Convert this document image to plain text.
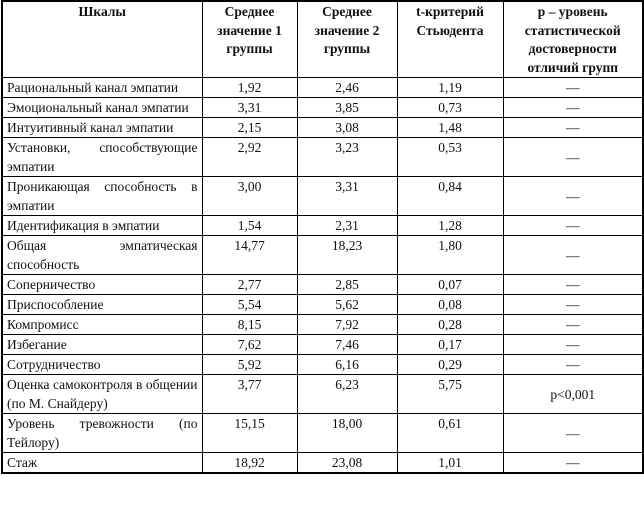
Шкалы	Среднее значение 1 группы	Среднее значение 2 группы	t-критерий Стьюдента	p – уровень статистической достоверности отличий групп
Рациональный канал эмпатии	1,92	2,46	1,19	—
Эмоциональный канал эмпатии	3,31	3,85	0,73	—
Интуитивный канал эмпатии	2,15	3,08	1,48	—
Установки, способствующие эмпатии	2,92	3,23	0,53	—
Проникающая способность в эмпатии	3,00	3,31	0,84	—
Идентификация в эмпатии	1,54	2,31	1,28	—
Общая эмпатическая способность	14,77	18,23	1,80	—
Соперничество	2,77	2,85	0,07	—
Приспособление	5,54	5,62	0,08	—
Компромисс	8,15	7,92	0,28	—
Избегание	7,62	7,46	0,17	—
Сотрудничество	5,92	6,16	0,29	—
Оценка самоконтроля в общении (по М. Снайдеру)	3,77	6,23	5,75	p<0,001
Уровень тревожности (по Тейлору)	15,15	18,00	0,61	—
Стаж	18,92	23,08	1,01	—
